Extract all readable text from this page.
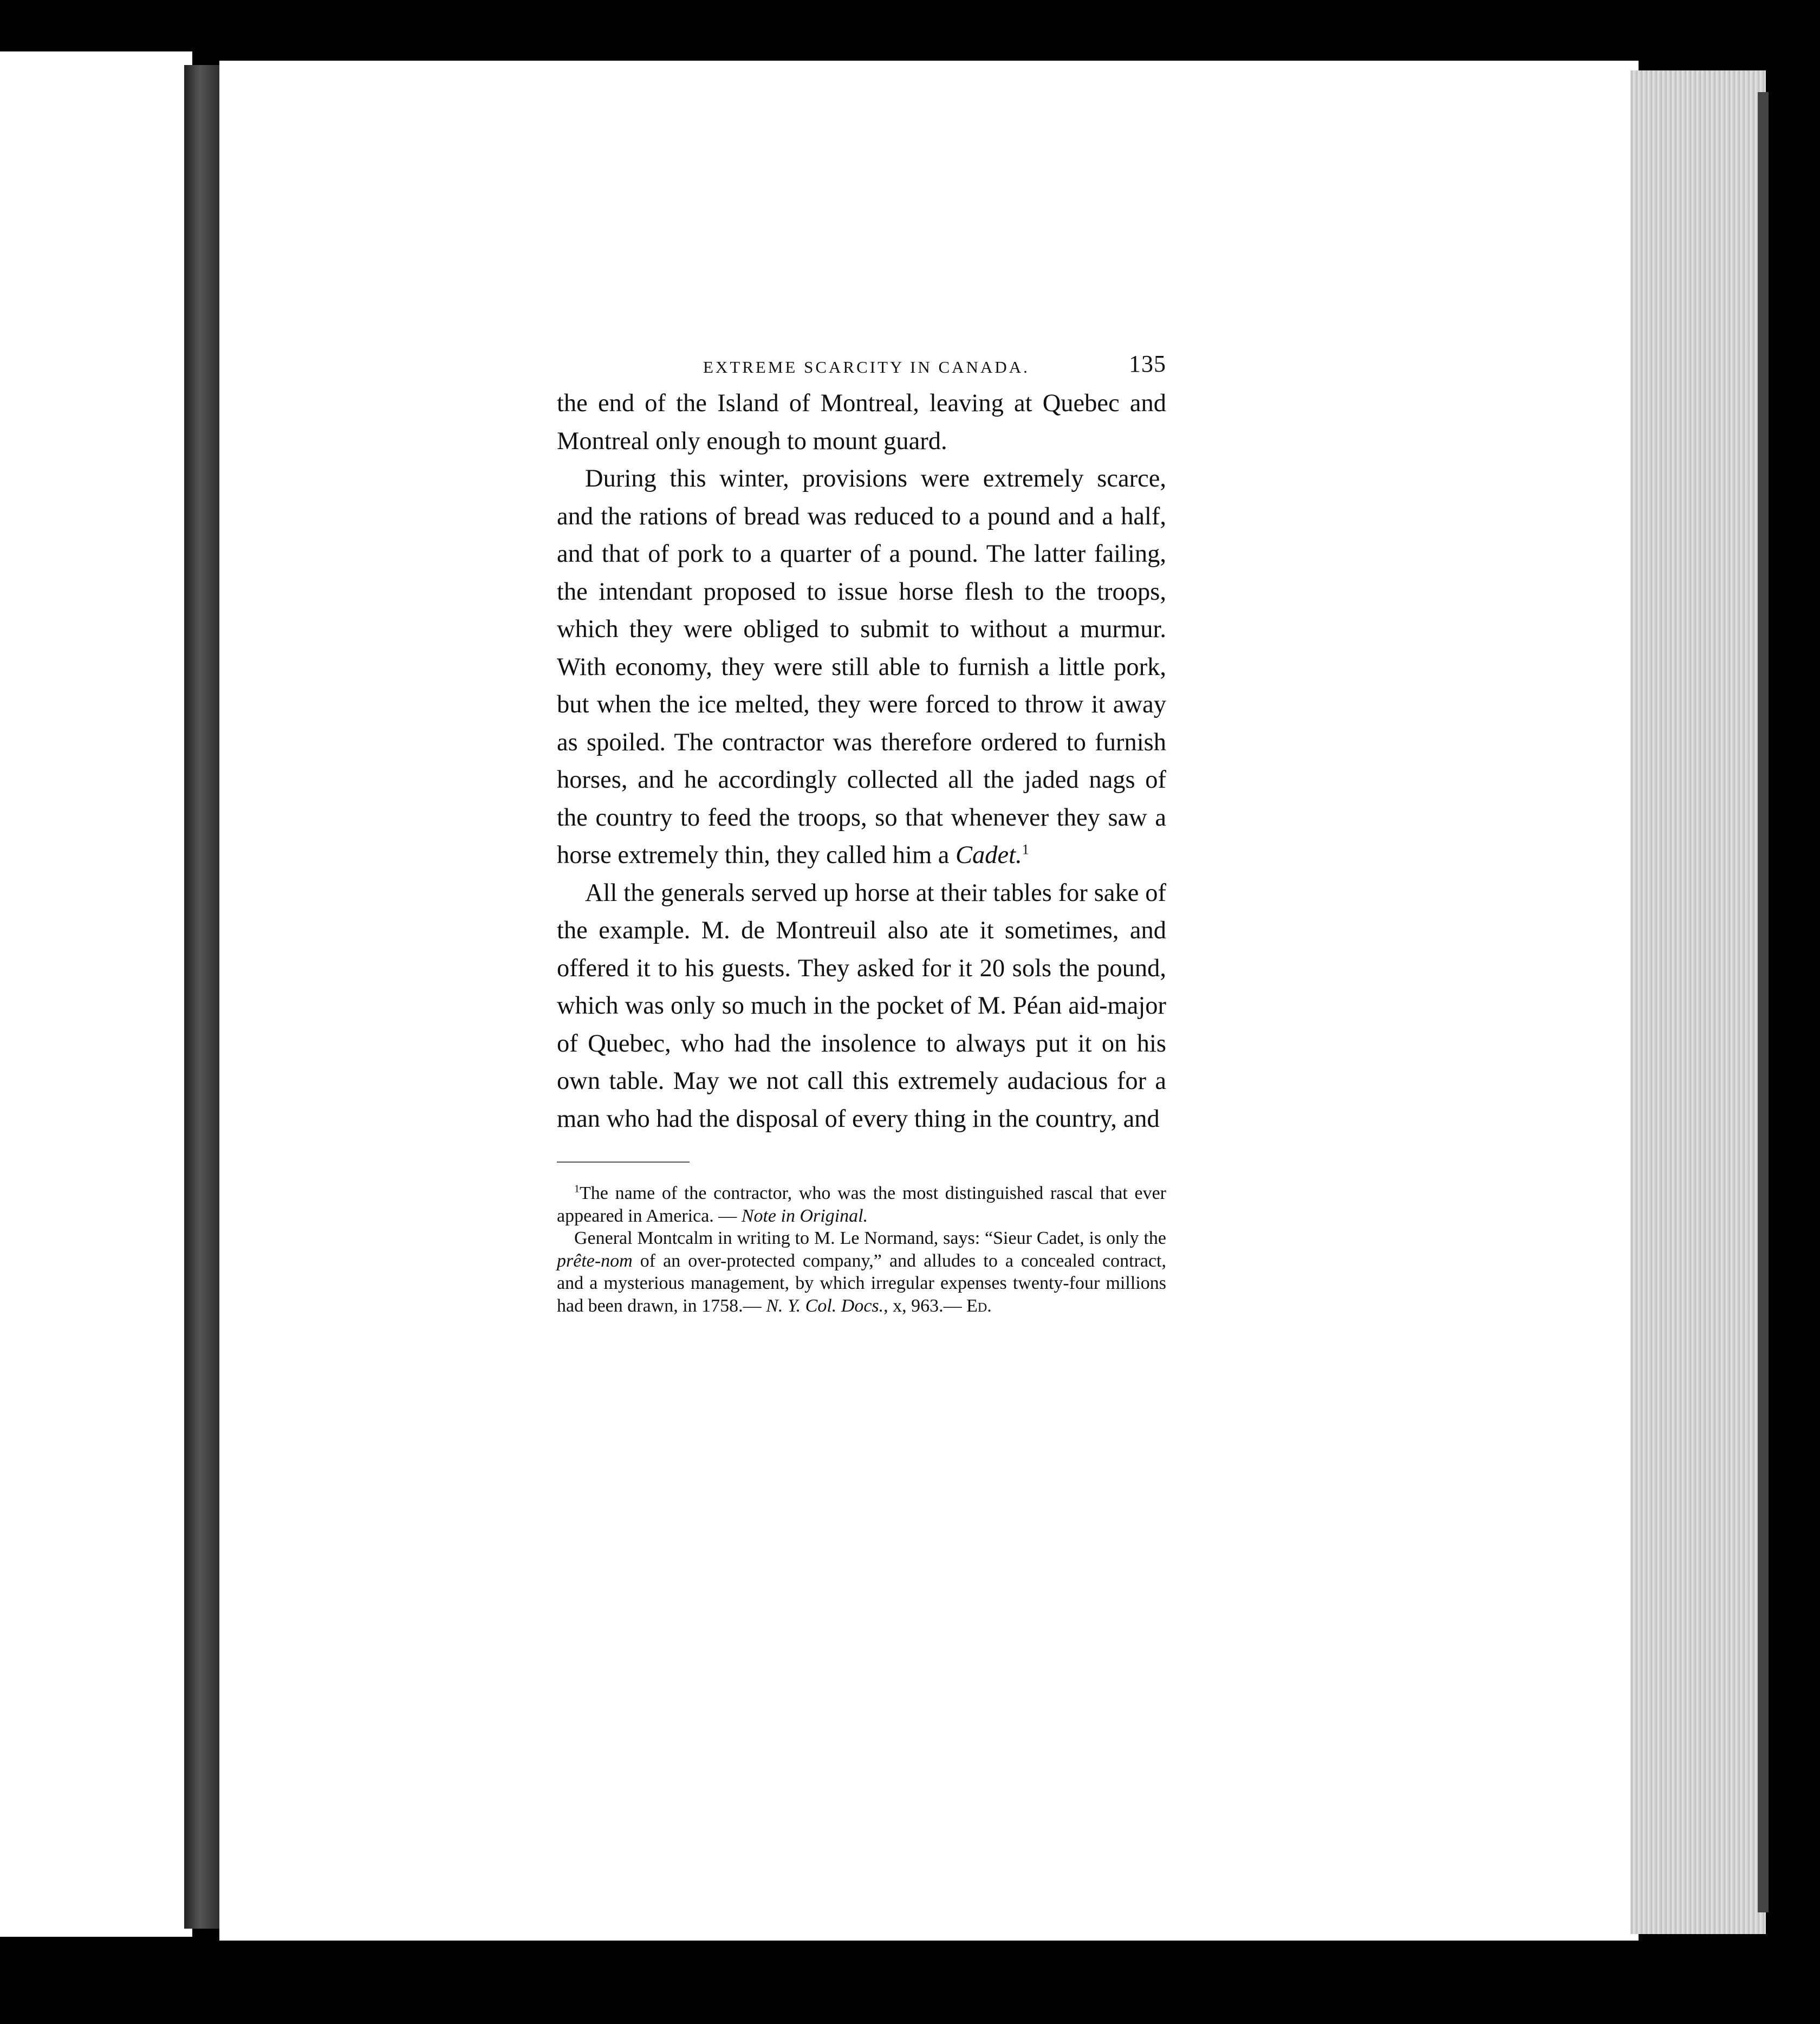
EXTREME SCARCITY IN CANADA.	135

the end of the Island of Montreal, leaving at Quebec and Montreal only enough to mount guard.

During this winter, provisions were extremely scarce, and the rations of bread was reduced to a pound and a half, and that of pork to a quarter of a pound. The latter failing, the intendant proposed to issue horse flesh to the troops, which they were obliged to submit to without a murmur. With economy, they were still able to furnish a little pork, but when the ice melted, they were forced to throw it away as spoiled. The contractor was therefore ordered to furnish horses, and he accordingly collected all the jaded nags of the country to feed the troops, so that whenever they saw a horse extremely thin, they called him a Cadet.$^1$

All the generals served up horse at their tables for sake of the example. M. de Montreuil also ate it sometimes, and offered it to his guests. They asked for it 20 sols the pound, which was only so much in the pocket of M. Péan aid-major of Quebec, who had the insolence to always put it on his own table. May we not call this extremely audacious for a man who had the disposal of every thing in the country, and

$^1$The name of the contractor, who was the most distinguished rascal that ever appeared in America. — Note in Original.

General Montcalm in writing to M. Le Normand, says: “Sieur Cadet, is only the prête-nom of an over-protected company,” and alludes to a concealed contract, and a mysterious management, by which irregular expenses twenty-four millions had been drawn, in 1758.— N. Y. Col. Docs., x, 963.— Ed.
